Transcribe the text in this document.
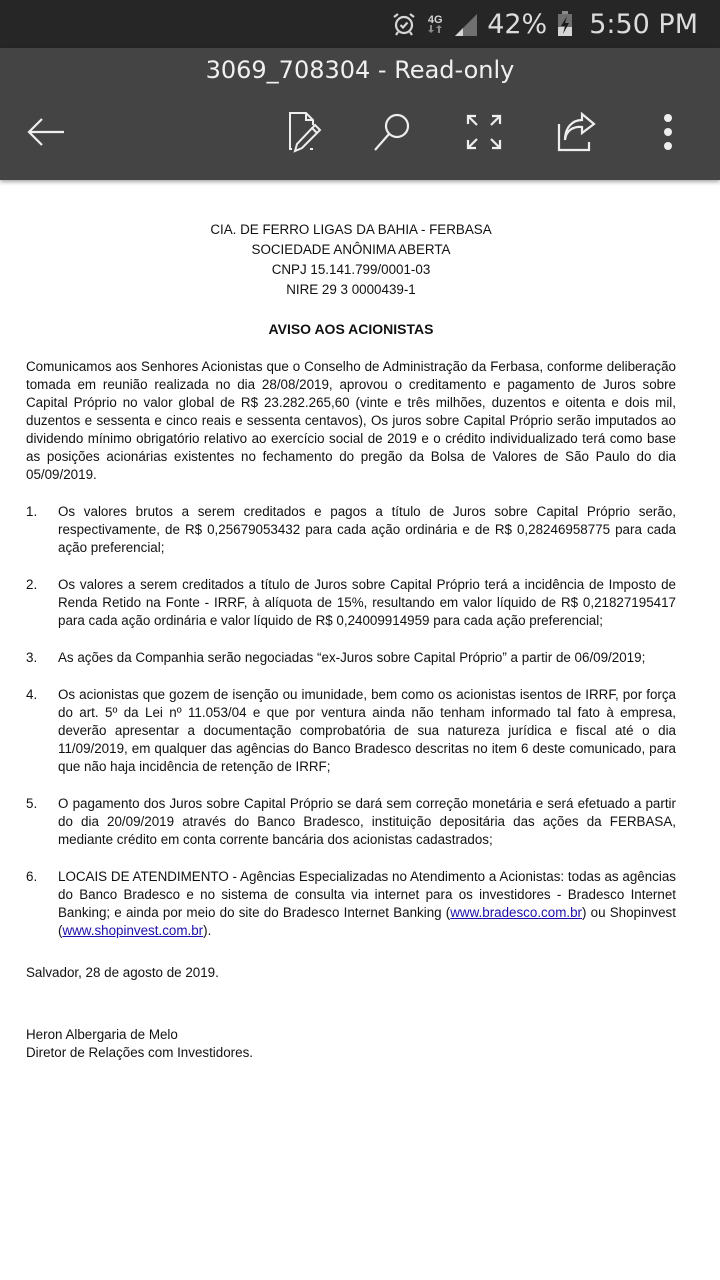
4G 42% 5:50 PM
3069_708304 - Read-only
CIA. DE FERRO LIGAS DA BAHIA - FERBASA
SOCIEDADE ANÔNIMA ABERTA
CNPJ 15.141.799/0001-03
NIRE 29 3 0000439-1
AVISO AOS ACIONISTAS

Comunicamos aos Senhores Acionistas que o Conselho de Administração da Ferbasa, conforme deliberação tomada em reunião realizada no dia 28/08/2019, aprovou o creditamento e pagamento de Juros sobre Capital Próprio no valor global de R$ 23.282.265,60 (vinte e três milhões, duzentos e oitenta e dois mil, duzentos e sessenta e cinco reais e sessenta centavos), Os juros sobre Capital Próprio serão imputados ao dividendo mínimo obrigatório relativo ao exercício social de 2019 e o crédito individualizado terá como base as posições acionárias existentes no fechamento do pregão da Bolsa de Valores de São Paulo do dia 05/09/2019.

1.	Os valores brutos a serem creditados e pagos a título de Juros sobre Capital Próprio serão, respectivamente, de R$ 0,25679053432 para cada ação ordinária e de R$ 0,28246958775 para cada ação preferencial;
2.	Os valores a serem creditados a título de Juros sobre Capital Próprio terá a incidência de Imposto de Renda Retido na Fonte - IRRF, à alíquota de 15%, resultando em valor líquido de R$ 0,21827195417 para cada ação ordinária e valor líquido de R$ 0,24009914959 para cada ação preferencial;
3.	As ações da Companhia serão negociadas “ex-Juros sobre Capital Próprio” a partir de 06/09/2019;
4.	Os acionistas que gozem de isenção ou imunidade, bem como os acionistas isentos de IRRF, por força do art. 5º da Lei nº 11.053/04 e que por ventura ainda não tenham informado tal fato à empresa, deverão apresentar a documentação comprobatória de sua natureza jurídica e fiscal até o dia 11/09/2019, em qualquer das agências do Banco Bradesco descritas no item 6 deste comunicado, para que não haja incidência de retenção de IRRF;
5.	O pagamento dos Juros sobre Capital Próprio se dará sem correção monetária e será efetuado a partir do dia 20/09/2019 através do Banco Bradesco, instituição depositária das ações da FERBASA, mediante crédito em conta corrente bancária dos acionistas cadastrados;
6.	LOCAIS DE ATENDIMENTO - Agências Especializadas no Atendimento a Acionistas: todas as agências do Banco Bradesco e no sistema de consulta via internet para os investidores - Bradesco Internet Banking; e ainda por meio do site do Bradesco Internet Banking (www.bradesco.com.br) ou Shopinvest (www.shopinvest.com.br).

Salvador, 28 de agosto de 2019.

Heron Albergaria de Melo
Diretor de Relações com Investidores.
